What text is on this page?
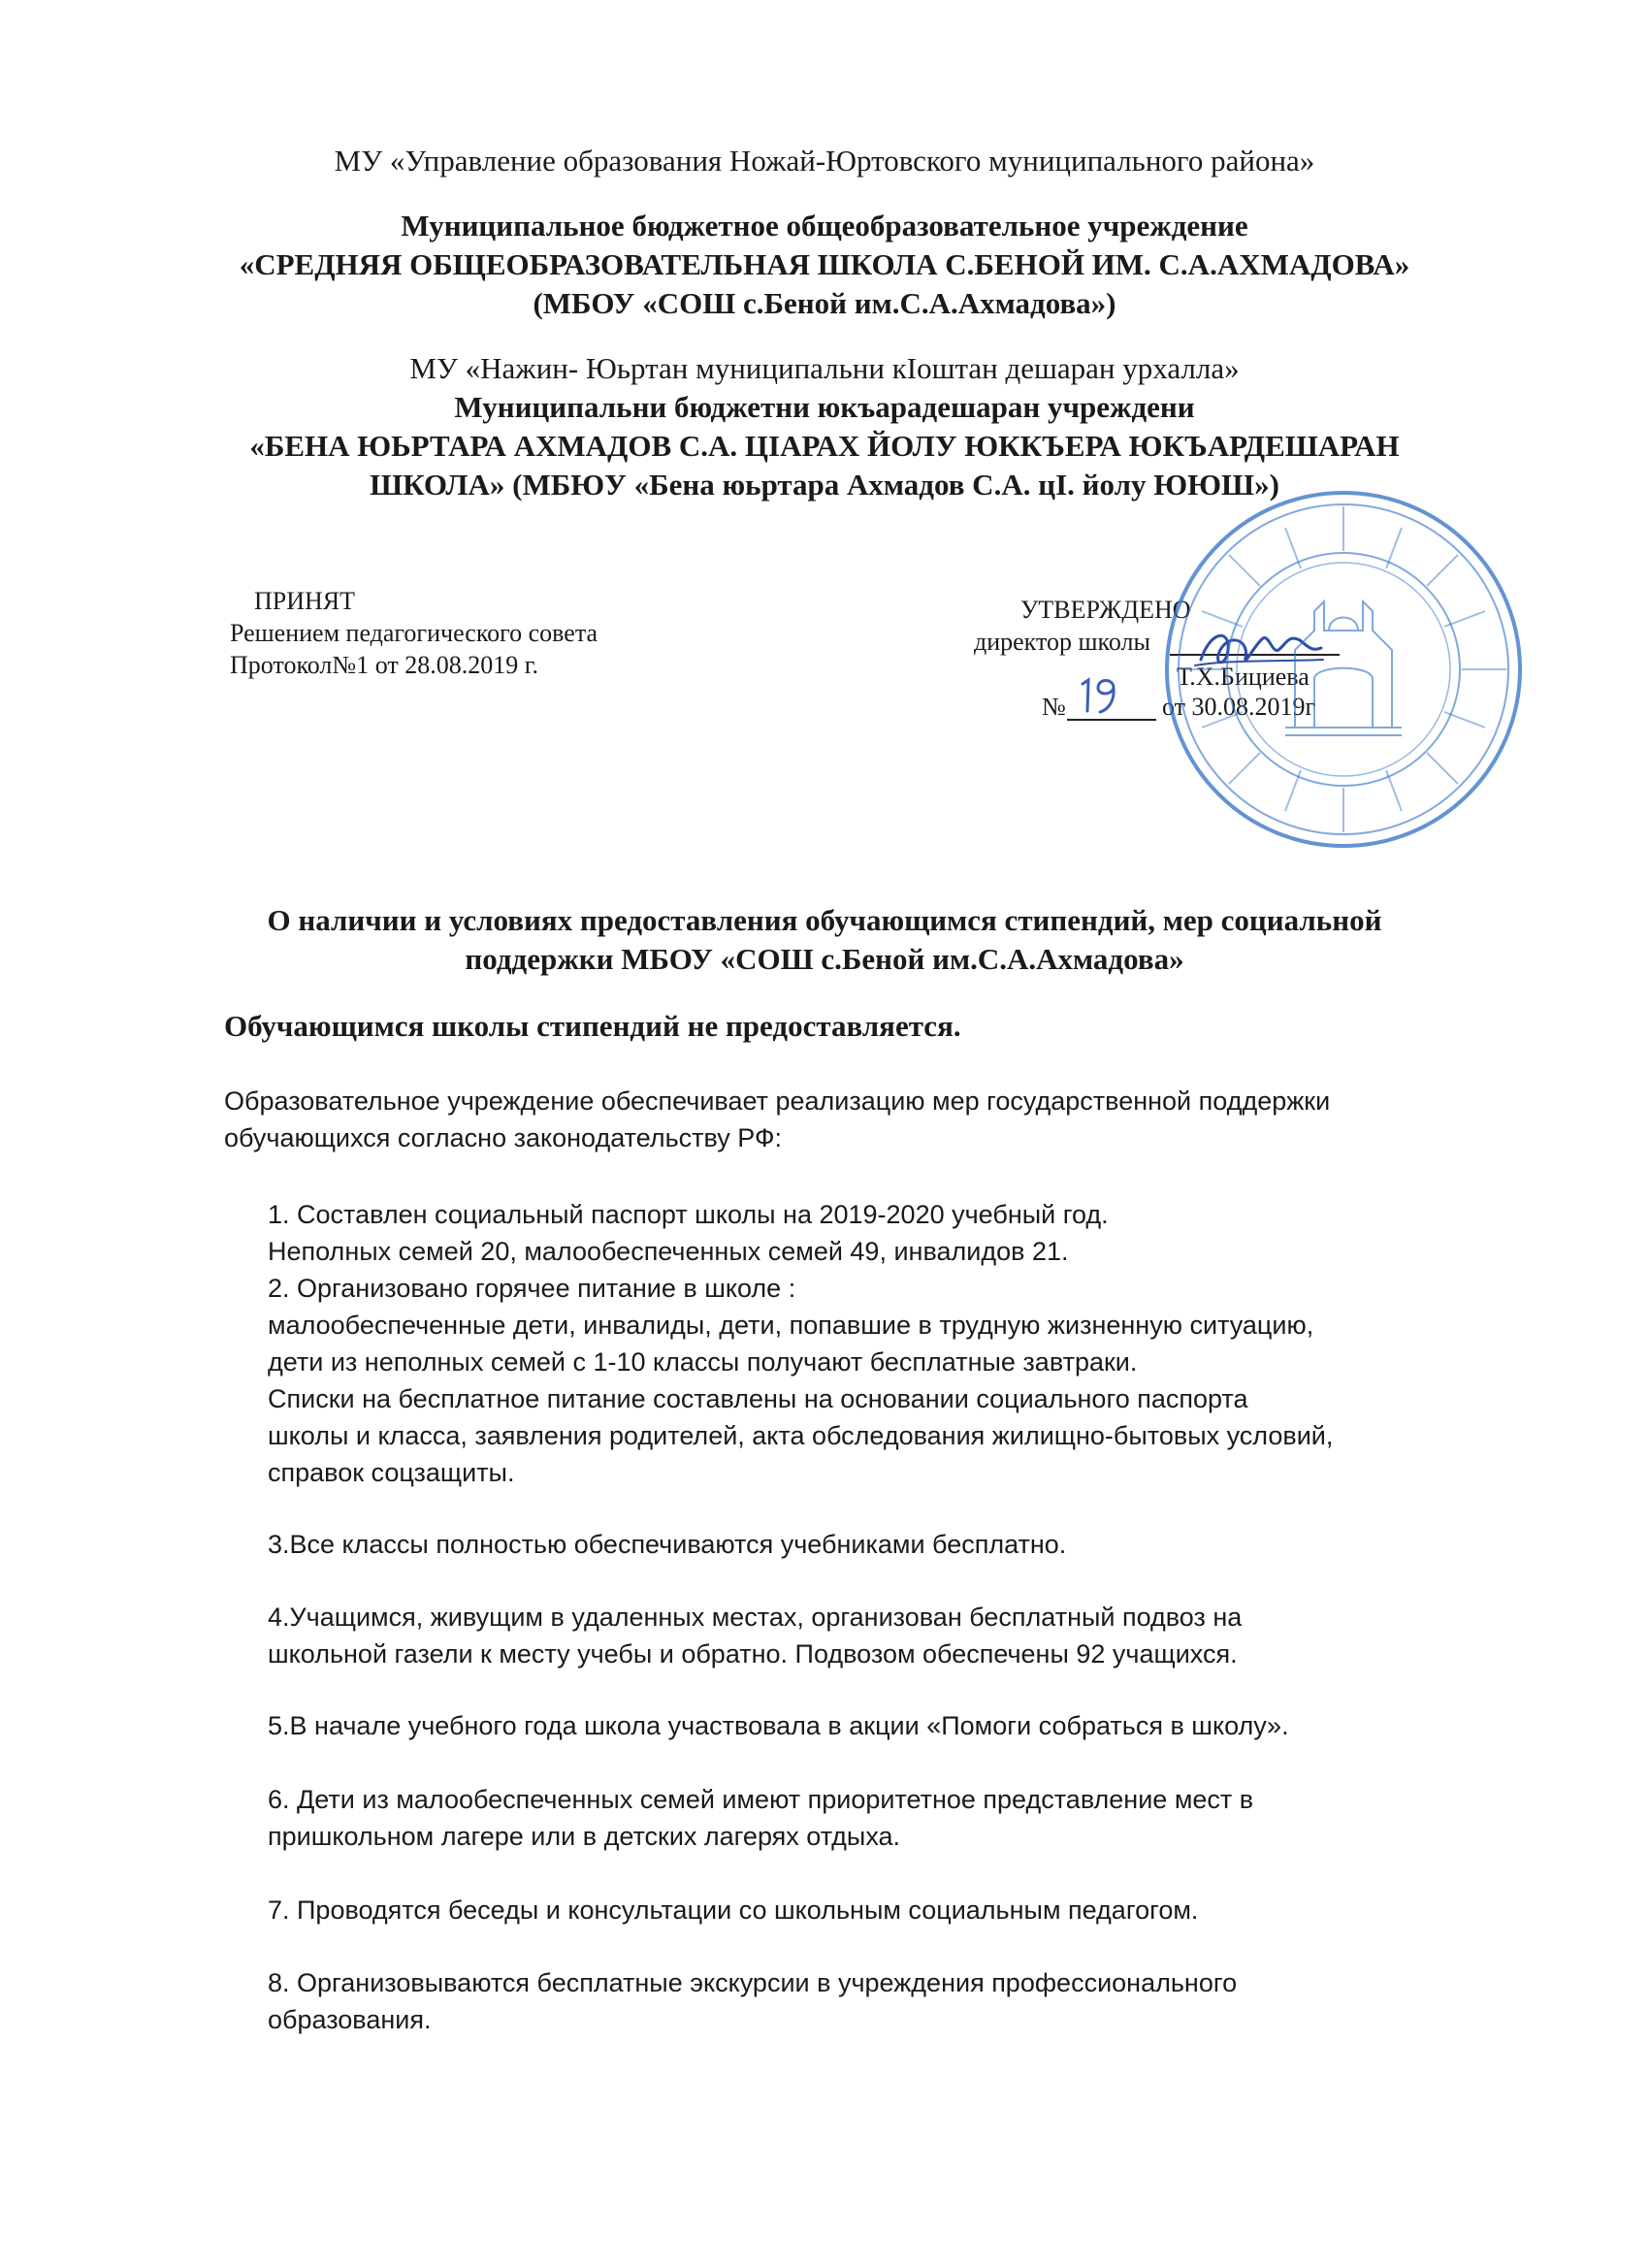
МУ «Управление образования Ножай-Юртовского муниципального района»
Муниципальное бюджетное общеобразовательное учреждение
«СРЕДНЯЯ ОБЩЕОБРАЗОВАТЕЛЬНАЯ ШКОЛА С.БЕНОЙ ИМ. С.А.АХМАДОВА»
(МБОУ «СОШ с.Беной им.С.А.Ахмадова»)
МУ «Нажин- Юьртан муниципальни кIоштан дешаран урхалла»
Муниципальни бюджетни юкъарадешаран учреждени
«БЕНА ЮЬРТАРА АХМАДОВ С.А. ЦIАРАХ ЙОЛУ ЮККЪЕРА ЮКЪАРДЕШАРАН
ШКОЛА» (МБЮУ «Бена юьртара Ахмадов С.А. цI. йолу ЮЮШ»)
ПРИНЯТ
Решением педагогического совета
Протокол№1 от 28.08.2019 г.
УТВЕРЖДЕНО
директор школы
Т.Х.Бициева
№	от 30.08.2019г
О наличии и условиях предоставления обучающимся стипендий, мер социальной
поддержки МБОУ «СОШ с.Беной им.С.А.Ахмадова»
Обучающимся школы стипендий не предоставляется.
Образовательное учреждение обеспечивает реализацию мер государственной поддержки
обучающихся согласно законодательству РФ:
1. Составлен социальный паспорт школы на 2019-2020 учебный год.
Неполных семей 20, малообеспеченных семей 49, инвалидов 21.
2. Организовано горячее питание в школе :
малообеспеченные дети, инвалиды, дети, попавшие в трудную жизненную ситуацию,
дети из неполных семей с 1-10 классы получают бесплатные завтраки.
Списки на бесплатное питание составлены на основании социального паспорта
школы и класса, заявления родителей, акта обследования жилищно-бытовых условий,
справок соцзащиты.
3.Все классы полностью обеспечиваются учебниками бесплатно.
4.Учащимся, живущим в удаленных местах, организован бесплатный подвоз на
школьной газели к месту учебы и обратно. Подвозом обеспечены 92 учащихся.
5.В начале учебного года школа участвовала в акции «Помоги собраться в школу».
6. Дети из малообеспеченных семей имеют приоритетное представление мест в
пришкольном лагере или в детских лагерях отдыха.
7. Проводятся беседы и консультации со школьным социальным педагогом.
8. Организовываются бесплатные экскурсии в учреждения профессионального
образования.
